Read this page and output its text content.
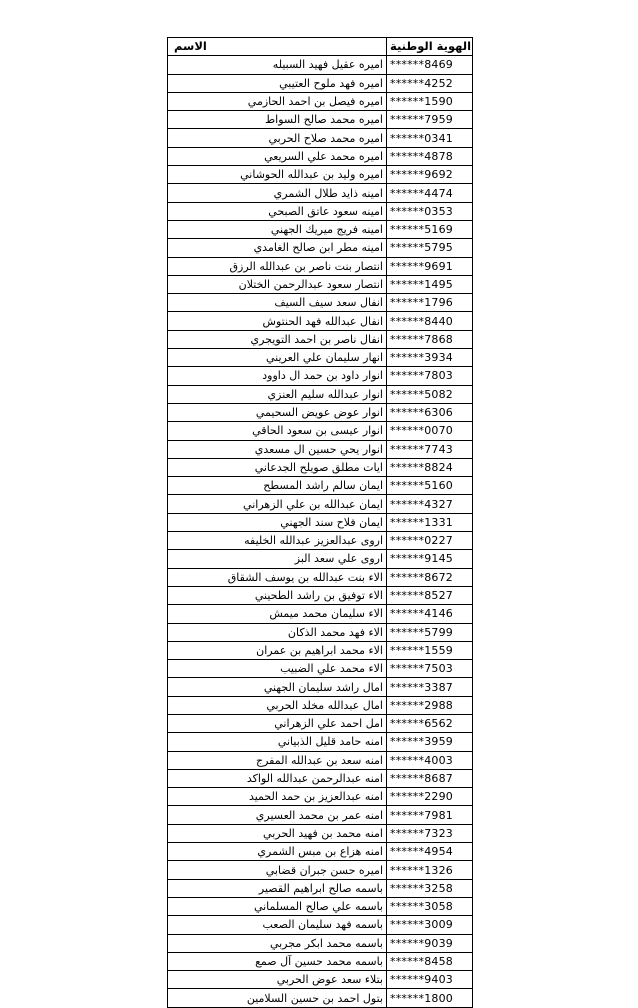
الهوية الوطنية	الاسم
******8469	اميره عقيل فهيد السبيله
******4252	اميره فهد ملوح العتيبي
******1590	اميره فيصل بن احمد الحازمي
******7959	اميره محمد صالح السواط
******0341	اميره محمد صلاح الحربي
******4878	اميره محمد علي السريعي
******9692	اميره وليد بن عبدالله الحوشاني
******4474	امينه ذايد طلال الشمري
******0353	امينه سعود عاتق الصبحي
******5169	امينه فريج ميريك الجهني
******5795	امينه مطر ابن صالح الغامدي
******9691	انتصار بنت ناصر بن عبدالله الرزق
******1495	انتصار سعود عبدالرحمن الختلان
******1796	انفال سعد سيف السيف
******8440	انفال عبدالله فهد الحنتوش
******7868	انفال ناصر بن احمد التويجري
******3934	انهار سليمان علي العريني
******7803	انوار داود بن حمد ال داوود
******5082	انوار عبدالله سليم العنزي
******6306	انوار عوض عويض السحيمي
******0070	انوار عيسى بن سعود الحاقي
******7743	انوار يحي حسين ال مسعدي
******8824	ايات مطلق صويلح الجدعاني
******5160	ايمان سالم راشد المسطح
******4327	ايمان عبدالله بن علي الزهراني
******1331	ايمان فلاح سند الجهني
******0227	اروى عبدالعزيز عبدالله الخليفه
******9145	اروى علي سعد البز
******8672	الاء بنت عبدالله بن يوسف الشقاق
******8527	الاء توفيق بن راشد الطحيني
******4146	الاء سليمان محمد ميمش
******5799	الاء فهد محمد الذكان
******1559	الاء محمد ابراهيم بن عمران
******7503	الاء محمد علي الضبيب
******3387	امال راشد سليمان الجهني
******2988	امال عبدالله مخلد الحربي
******6562	امل احمد علي الزهراني
******3959	امنه حامد قليل الذبياني
******4003	امنه سعد بن عبدالله المفرج
******8687	امنه عبدالرحمن عبدالله الواكد
******2290	امنه عبدالعزيز بن حمد الحميد
******7981	امنه عمر بن محمد العسيري
******7323	امنه محمد بن فهيد الحربي
******4954	امنه هزاع بن مبس الشمري
******1326	اميره حسن جبران قضابي
******3258	باسمه صالح ابراهيم القصير
******3058	باسمه علي صالح المسلماني
******3009	باسمه فهد سليمان الصعب
******9039	باسمه محمد ابكر مجربي
******8458	باسمه محمد حسين آل صمع
******9403	بتلاء سعد عوض الحربي
******1800	بتول احمد بن حسين السلامين
